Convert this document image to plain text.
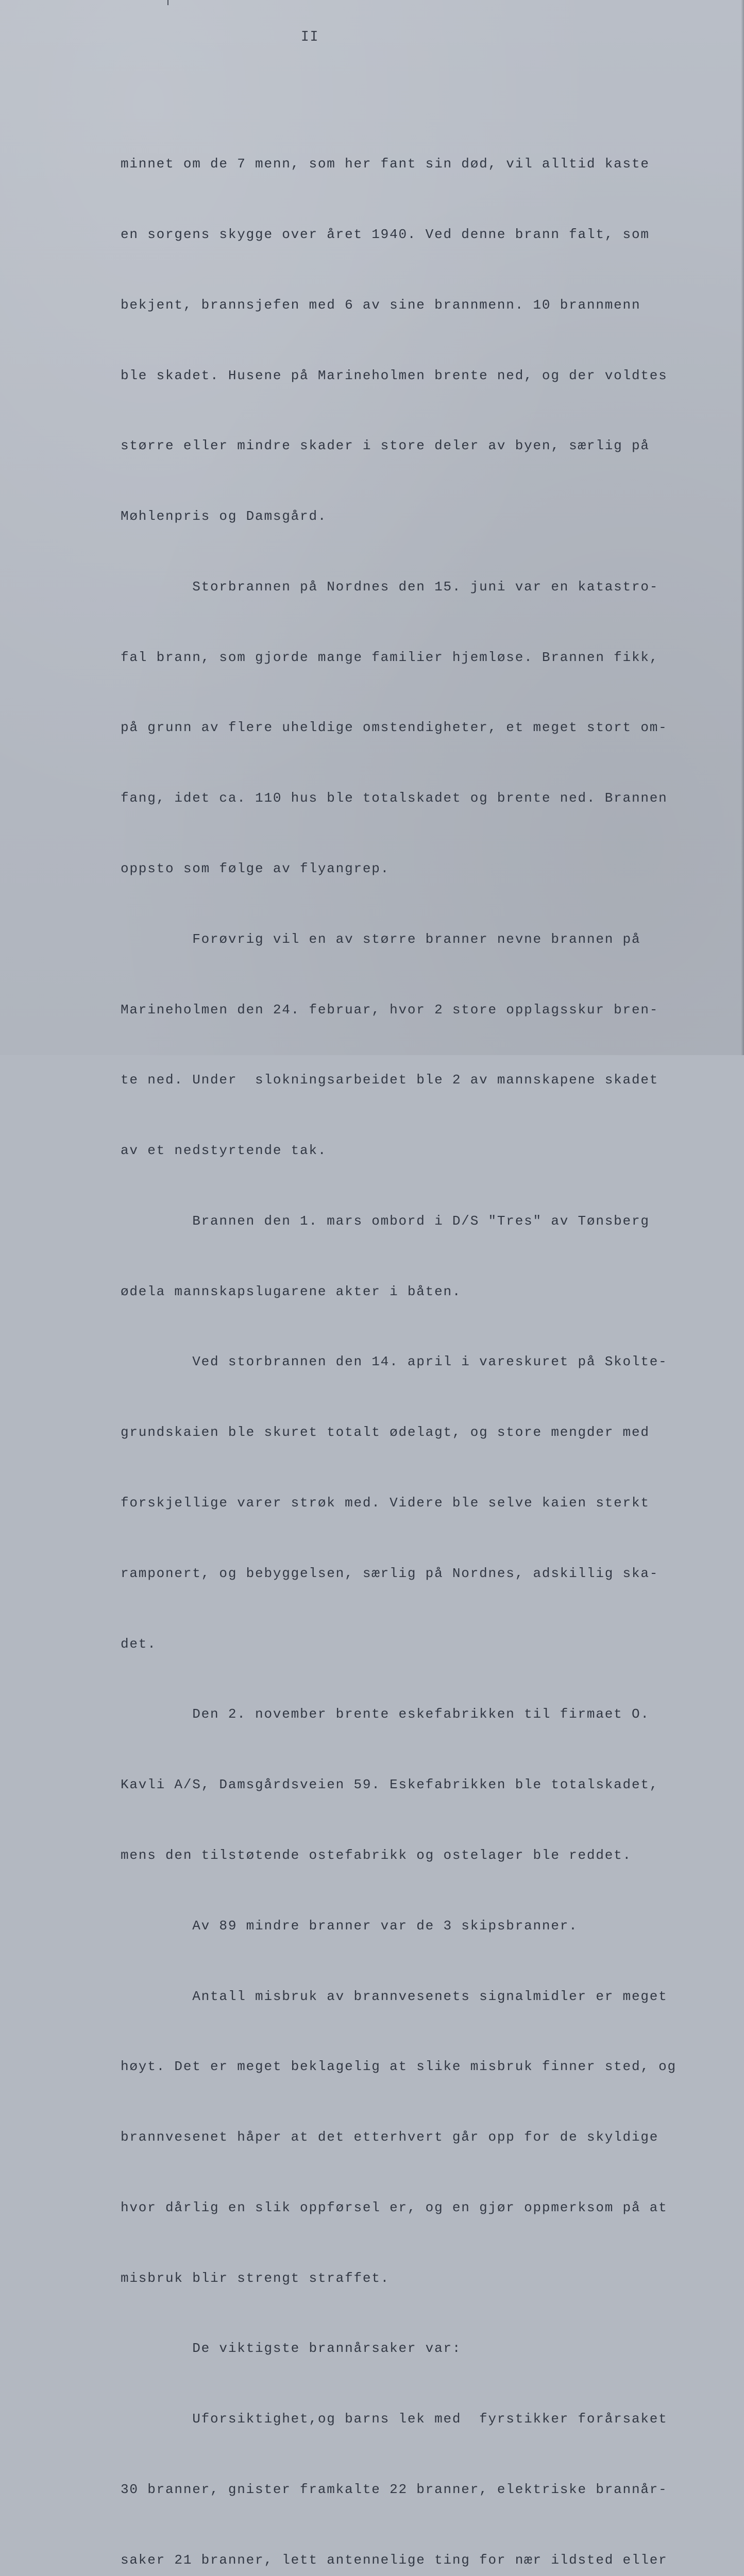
II

minnet om de 7 menn, som her fant sin død, vil alltid kaste

en sorgens skygge over året 1940. Ved denne brann falt, som

bekjent, brannsjefen med 6 av sine brannmenn. 10 brannmenn

ble skadet. Husene på Marineholmen brente ned, og der voldtes

større eller mindre skader i store deler av byen, særlig på

Møhlenpris og Damsgård.

Storbrannen på Nordnes den 15. juni var en katastro-

fal brann, som gjorde mange familier hjemløse. Brannen fikk,

på grunn av flere uheldige omstendigheter, et meget stort om-

fang, idet ca. 110 hus ble totalskadet og brente ned. Brannen

oppsto som følge av flyangrep.

Forøvrig vil en av større branner nevne brannen på

Marineholmen den 24. februar, hvor 2 store opplagsskur bren-

te ned. Under  slokningsarbeidet ble 2 av mannskapene skadet

av et nedstyrtende tak.

Brannen den 1. mars ombord i D/S "Tres" av Tønsberg

ødela mannskapslugarene akter i båten.

Ved storbrannen den 14. april i vareskuret på Skolte-

grundskaien ble skuret totalt ødelagt, og store mengder med

forskjellige varer strøk med. Videre ble selve kaien sterkt

ramponert, og bebyggelsen, særlig på Nordnes, adskillig ska-

det.

Den 2. november brente eskefabrikken til firmaet O.

Kavli A/S, Damsgårdsveien 59. Eskefabrikken ble totalskadet,

mens den tilstøtende ostefabrikk og ostelager ble reddet.

Av 89 mindre branner var de 3 skipsbranner.

Antall misbruk av brannvesenets signalmidler er meget

høyt. Det er meget beklagelig at slike misbruk finner sted, og

brannvesenet håper at det etterhvert går opp for de skyldige

hvor dårlig en slik oppførsel er, og en gjør oppmerksom på at

misbruk blir strengt straffet.

De viktigste brannårsaker var:

Uforsiktighet,og barns lek med  fyrstikker forårsaket

30 branner, gnister framkalte 22 branner, elektriske brannår-

saker 21 branner, lett antennelige ting for nær ildsted eller
